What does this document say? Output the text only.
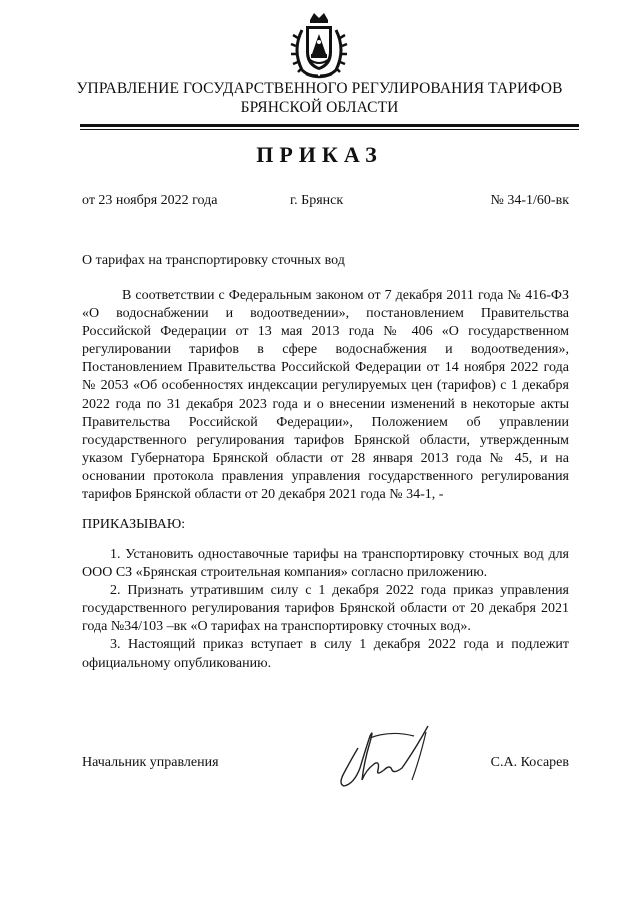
УПРАВЛЕНИЕ ГОСУДАРСТВЕННОГО РЕГУЛИРОВАНИЯ ТАРИФОВ
БРЯНСКОЙ ОБЛАСТИ
ПРИКАЗ
от 23 ноября 2022 года	г. Брянск	№ 34-1/60-вк
О тарифах на транспортировку сточных вод
В соответствии с Федеральным законом от 7 декабря 2011 года № 416-ФЗ «О водоснабжении и водоотведении», постановлением Правительства Российской Федерации от 13 мая 2013 года № 406 «О государственном регулировании тарифов в сфере водоснабжения и водоотведения», Постановлением Правительства Российской Федерации от 14 ноября 2022 года № 2053 «Об особенностях индексации регулируемых цен (тарифов) с 1 декабря 2022 года по 31 декабря 2023 года и о внесении изменений в некоторые акты Правительства Российской Федерации», Положением об управлении государственного регулирования тарифов Брянской области, утвержденным указом Губернатора Брянской области от 28 января 2013 года № 45, и на основании протокола правления управления государственного регулирования тарифов Брянской области от 20 декабря 2021 года № 34-1, -
ПРИКАЗЫВАЮ:
1. Установить одноставочные тарифы на транспортировку сточных вод для ООО СЗ «Брянская строительная компания» согласно приложению.
2. Признать утратившим силу с 1 декабря 2022 года приказ управления государственного регулирования тарифов Брянской области от 20 декабря 2021 года №34/103 –вк «О тарифах на транспортировку сточных вод».
3. Настоящий приказ вступает в силу 1 декабря 2022 года и подлежит официальному опубликованию.
Начальник управления	С.А. Косарев
